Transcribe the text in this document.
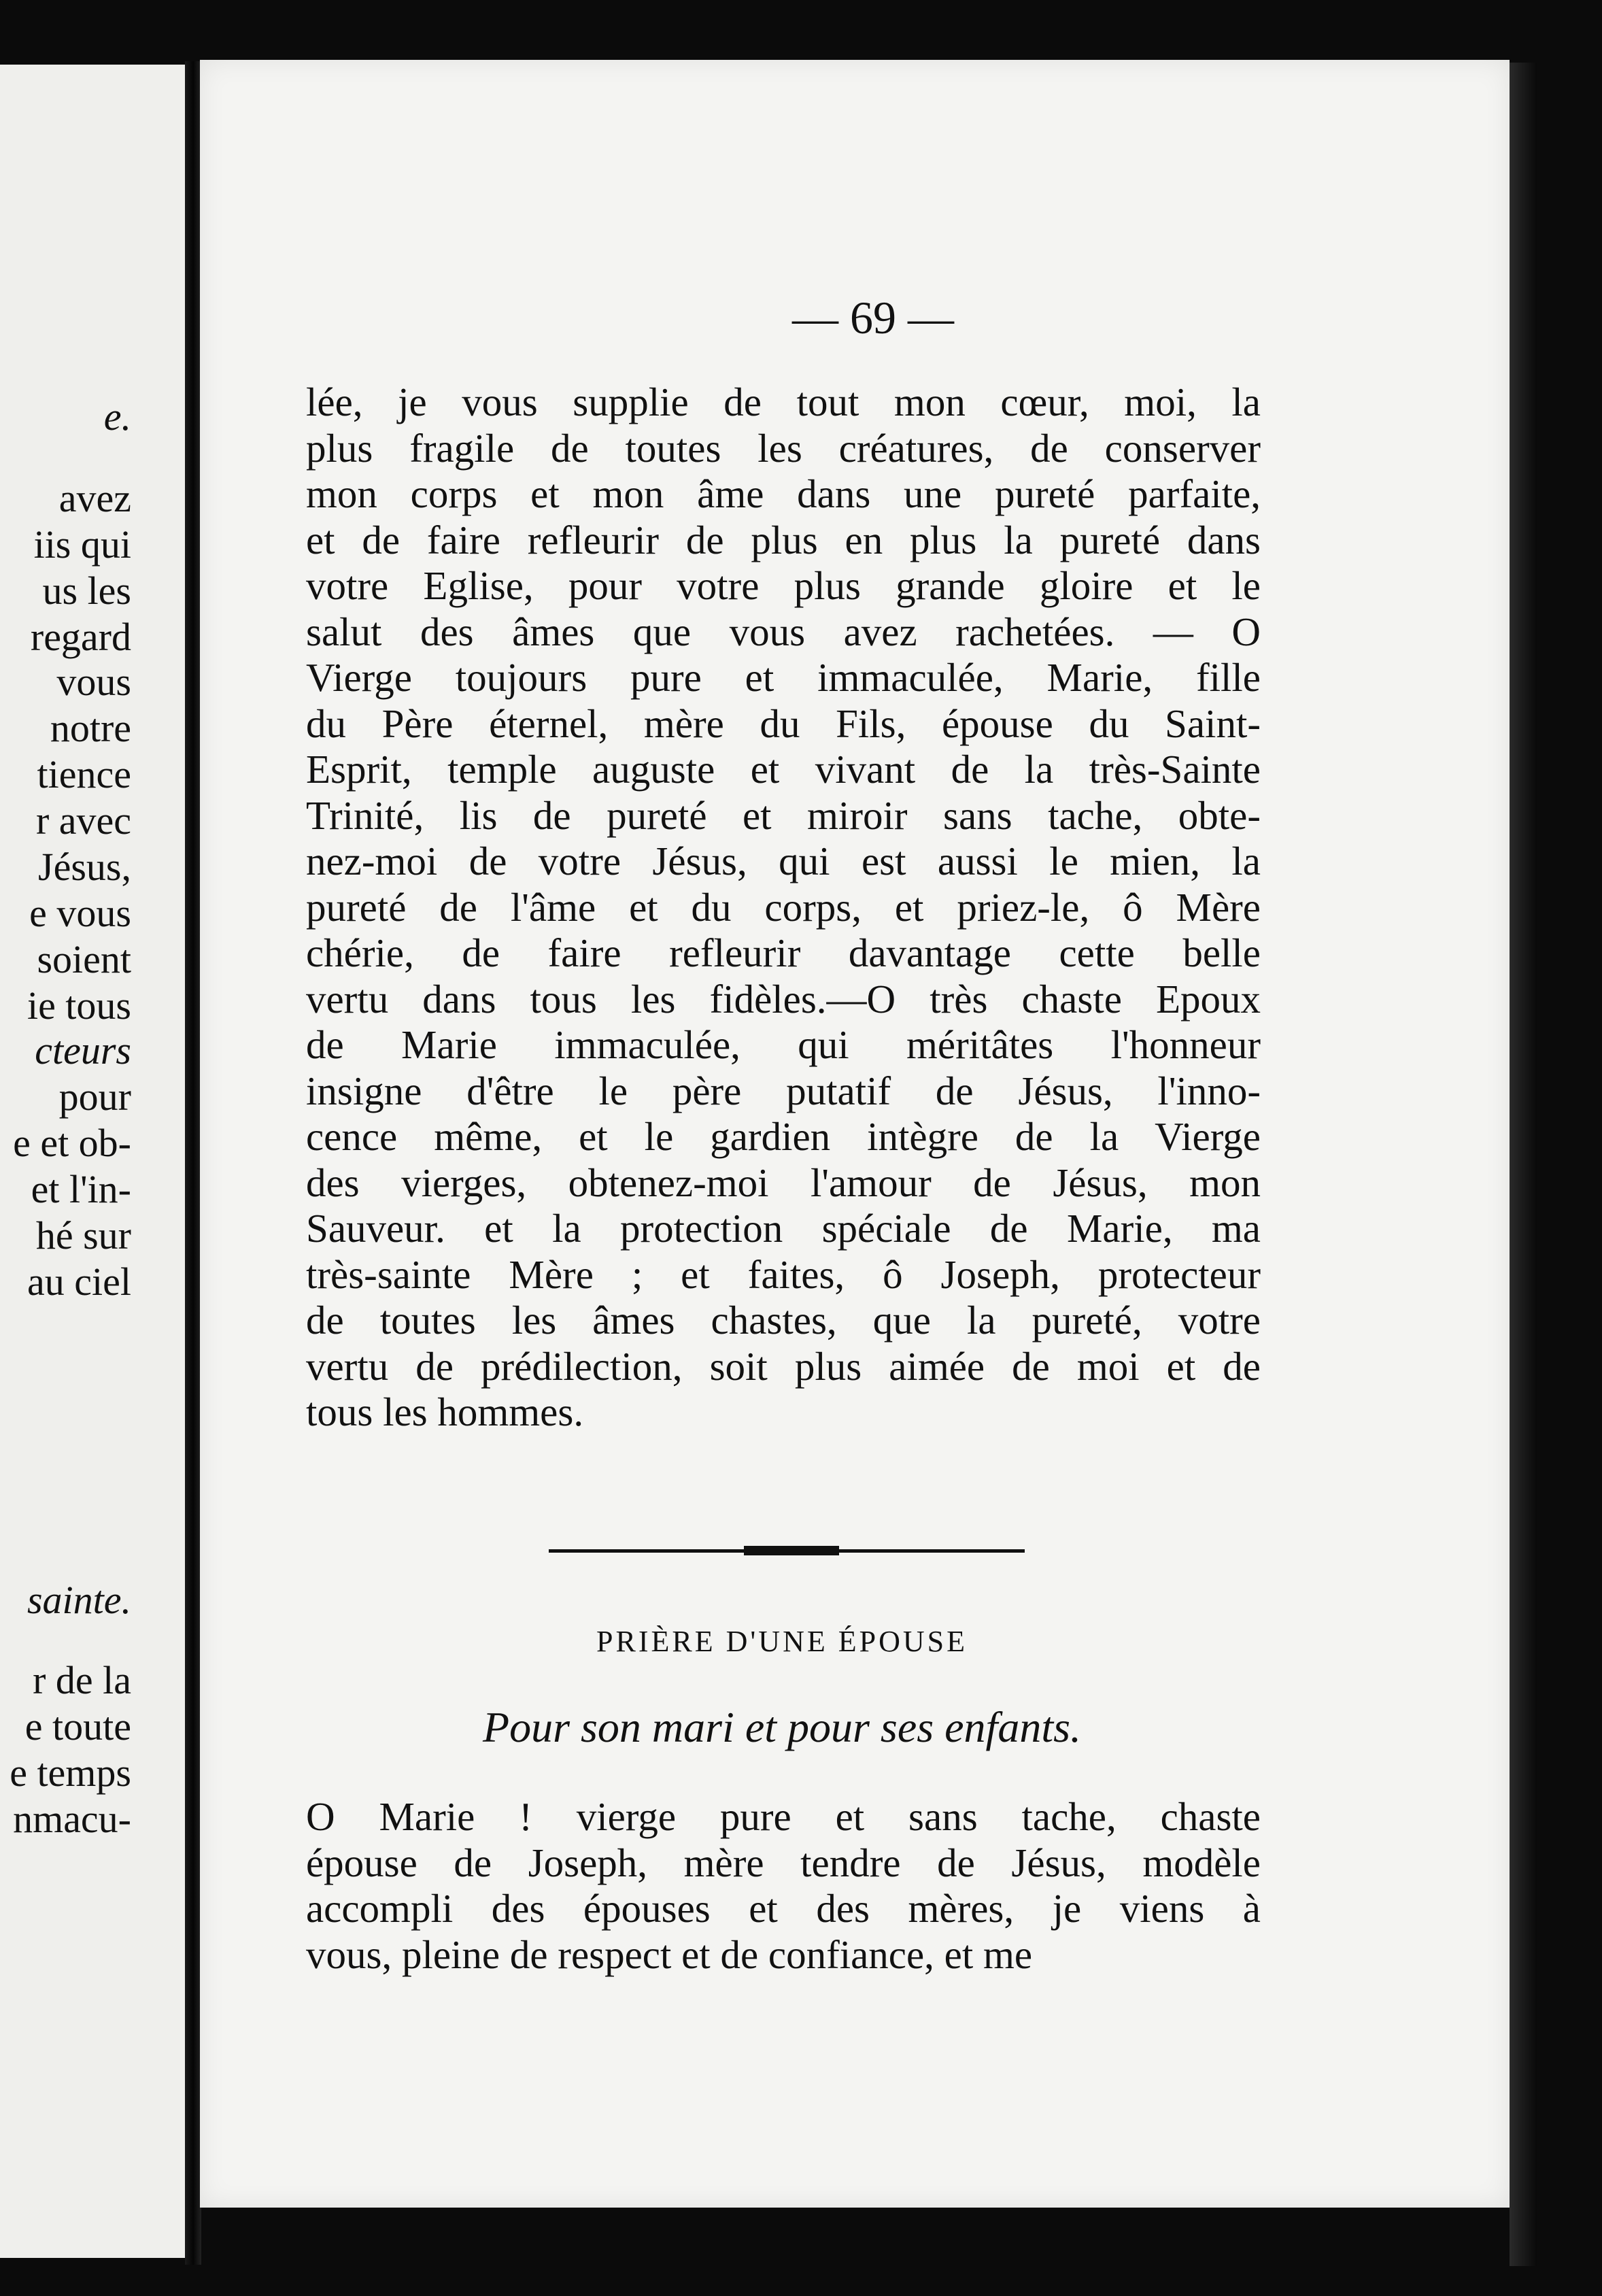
e.
avez
iis qui
us les
regard
vous
notre
tience
r avec
Jésus,
e vous
soient
ie tous
cteurs
pour
e et ob-
et l'in-
hé sur
au ciel
sainte.
r de la
e toute
e temps
nmacu-
— 69 —
lée, je vous supplie de tout mon cœur, moi, la
plus fragile de toutes les créatures, de conserver
mon corps et mon âme dans une pureté parfaite,
et de faire refleurir de plus en plus la pureté dans
votre Eglise, pour votre plus grande gloire et le
salut des âmes que vous avez rachetées. — O
Vierge toujours pure et immaculée, Marie, fille
du Père éternel, mère du Fils, épouse du Saint-
Esprit, temple auguste et vivant de la très-Sainte
Trinité, lis de pureté et miroir sans tache, obte-
nez-moi de votre Jésus, qui est aussi le mien, la
pureté de l'âme et du corps, et priez-le, ô Mère
chérie, de faire refleurir davantage cette belle
vertu dans tous les fidèles.—O très chaste Epoux
de Marie immaculée, qui méritâtes l'honneur
insigne d'être le père putatif de Jésus, l'inno-
cence même, et le gardien intègre de la Vierge
des vierges, obtenez-moi l'amour de Jésus, mon
Sauveur. et la protection spéciale de Marie, ma
très-sainte Mère ; et faites, ô Joseph, protecteur
de toutes les âmes chastes, que la pureté, votre
vertu de prédilection, soit plus aimée de moi et de
tous les hommes.
PRIÈRE D'UNE ÉPOUSE
Pour son mari et pour ses enfants.
O Marie ! vierge pure et sans tache, chaste
épouse de Joseph, mère tendre de Jésus, modèle
accompli des épouses et des mères, je viens à
vous, pleine de respect et de confiance, et me
